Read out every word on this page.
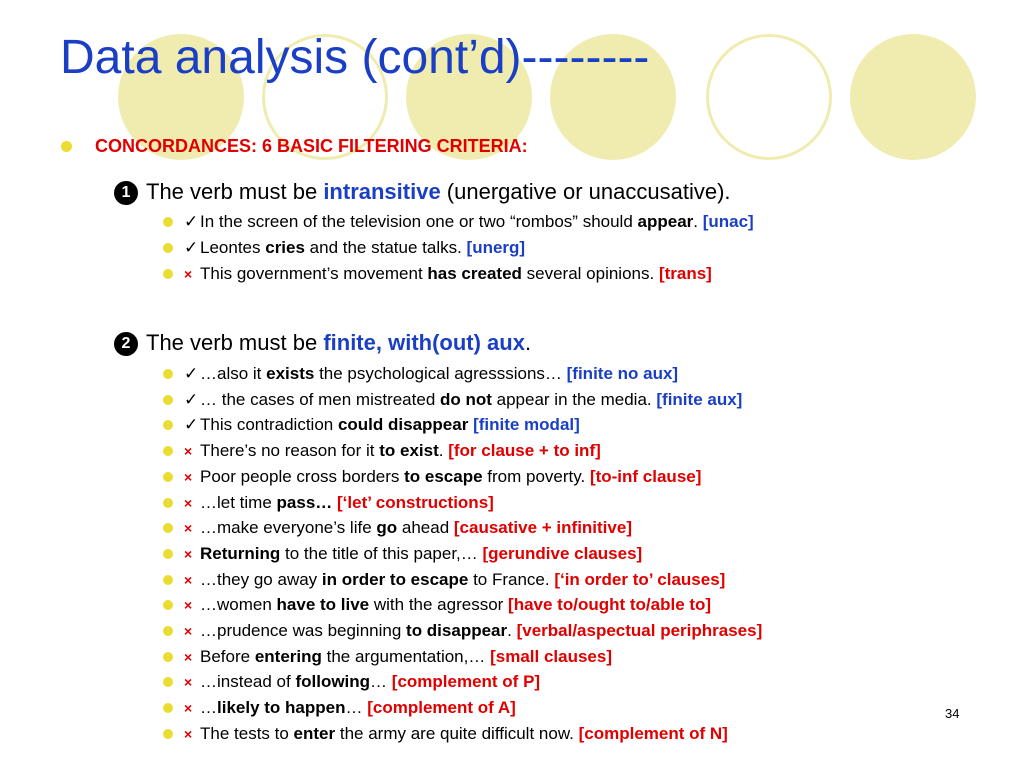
Data analysis (cont’d)--------
CONCORDANCES: 6 BASIC FILTERING CRITERIA:
1 The verb must be intransitive (unergative or unaccusative).
✓ In the screen of the television one or two “rombos” should appear. [unac]
✓ Leontes cries and the statue talks. [unerg]
× This government’s movement has created several opinions. [trans]
2 The verb must be finite, with(out) aux.
✓ …also it exists the psychological agresssions… [finite no aux]
✓ … the cases of men mistreated do not appear in the media. [finite aux]
✓ This contradiction could disappear [finite modal]
× There’s no reason for it to exist. [for clause + to inf]
× Poor people cross borders to escape from poverty. [to-inf clause]
× …let time pass… [‘let’ constructions]
× …make everyone’s life go ahead [causative + infinitive]
× Returning to the title of this paper,… [gerundive clauses]
× …they go away in order to escape to France. [‘in order to’ clauses]
× …women have to live with the agressor [have to/ought to/able to]
× …prudence was beginning to disappear. [verbal/aspectual periphrases]
× Before entering the argumentation,… [small clauses]
× …instead of following… [complement of P]
× …likely to happen… [complement of A]
× The tests to enter the army are quite difficult now. [complement of N]
34
